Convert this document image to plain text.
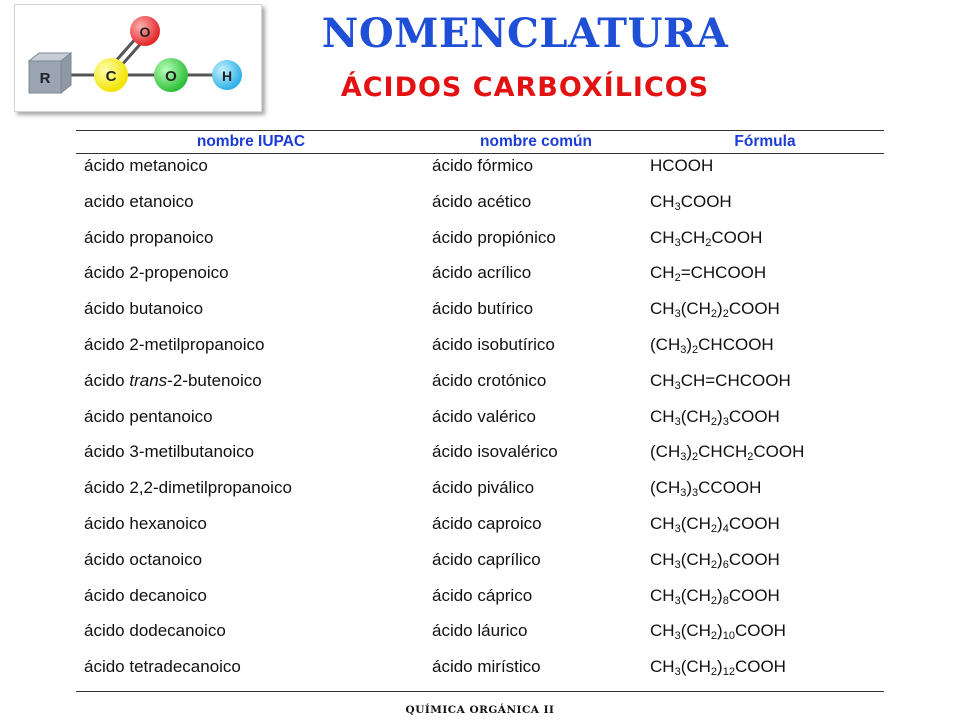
R	C
O
O	H
NOMENCLATURA
ÁCIDOS CARBOXÍLICOS
nombre IUPAC	nombre común	Fórmula
ácido metanoico	ácido fórmico	HCOOH
acido etanoico	ácido acético	$CH_3COOH$
ácido propanoico	ácido propiónico	$CH_3CH_2COOH$
ácido 2-propenoico	ácido acrílico	$CH_2=CHCOOH$
ácido butanoico	ácido butírico	$CH_3(CH_2)_2COOH$
ácido 2-metilpropanoico	ácido isobutírico	$(CH_3)_2CHCOOH$
ácido trans-2-butenoico	ácido crotónico	$CH_3CH=CHCOOH$
ácido pentanoico	ácido valérico	$CH_3(CH_2)_3COOH$
ácido 3-metilbutanoico	ácido isovalérico	$(CH_3)_2CHCH_2COOH$
ácido 2,2-dimetilpropanoico	ácido piválico	$(CH_3)_3CCOOH$
ácido hexanoico	ácido caproico	$CH_3(CH_2)_4COOH$
ácido octanoico	ácido caprílico	$CH_3(CH_2)_6COOH$
ácido decanoico	ácido cáprico	$CH_3(CH_2)_8COOH$
ácido dodecanoico	ácido láurico	$CH_3(CH_2)_{10}COOH$
ácido tetradecanoico	ácido mirístico	$CH_3(CH_2)_{12}COOH$
QUÍMICA ORGÁNICA II
